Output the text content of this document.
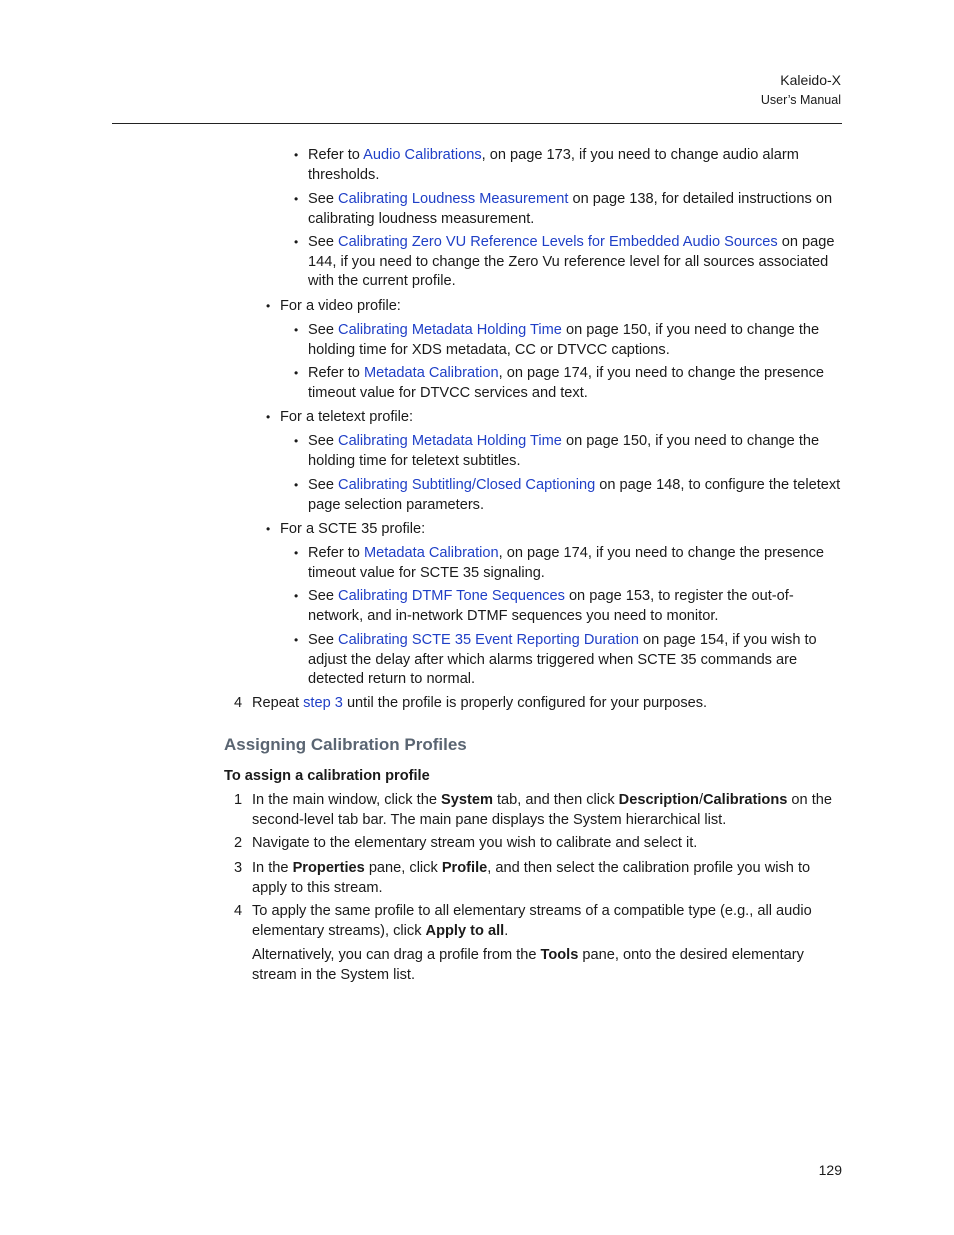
Kaleido-X
User’s Manual
• Refer to Audio Calibrations, on page 173, if you need to change audio alarm thresholds.
• See Calibrating Loudness Measurement on page 138, for detailed instructions on calibrating loudness measurement.
• See Calibrating Zero VU Reference Levels for Embedded Audio Sources on page 144, if you need to change the Zero Vu reference level for all sources associated with the current profile.
• For a video profile:
• See Calibrating Metadata Holding Time on page 150, if you need to change the holding time for XDS metadata, CC or DTVCC captions.
• Refer to Metadata Calibration, on page 174, if you need to change the presence timeout value for DTVCC services and text.
• For a teletext profile:
• See Calibrating Metadata Holding Time on page 150, if you need to change the holding time for teletext subtitles.
• See Calibrating Subtitling/Closed Captioning on page 148, to configure the teletext page selection parameters.
• For a SCTE 35 profile:
• Refer to Metadata Calibration, on page 174, if you need to change the presence timeout value for SCTE 35 signaling.
• See Calibrating DTMF Tone Sequences on page 153, to register the out-of-network, and in-network DTMF sequences you need to monitor.
• See Calibrating SCTE 35 Event Reporting Duration on page 154, if you wish to adjust the delay after which alarms triggered when SCTE 35 commands are detected return to normal.
4 Repeat step 3 until the profile is properly configured for your purposes.
Assigning Calibration Profiles
To assign a calibration profile
1 In the main window, click the System tab, and then click Description/Calibrations on the second-level tab bar. The main pane displays the System hierarchical list.
2 Navigate to the elementary stream you wish to calibrate and select it.
3 In the Properties pane, click Profile, and then select the calibration profile you wish to apply to this stream.
4 To apply the same profile to all elementary streams of a compatible type (e.g., all audio elementary streams), click Apply to all.
Alternatively, you can drag a profile from the Tools pane, onto the desired elementary stream in the System list.
129
